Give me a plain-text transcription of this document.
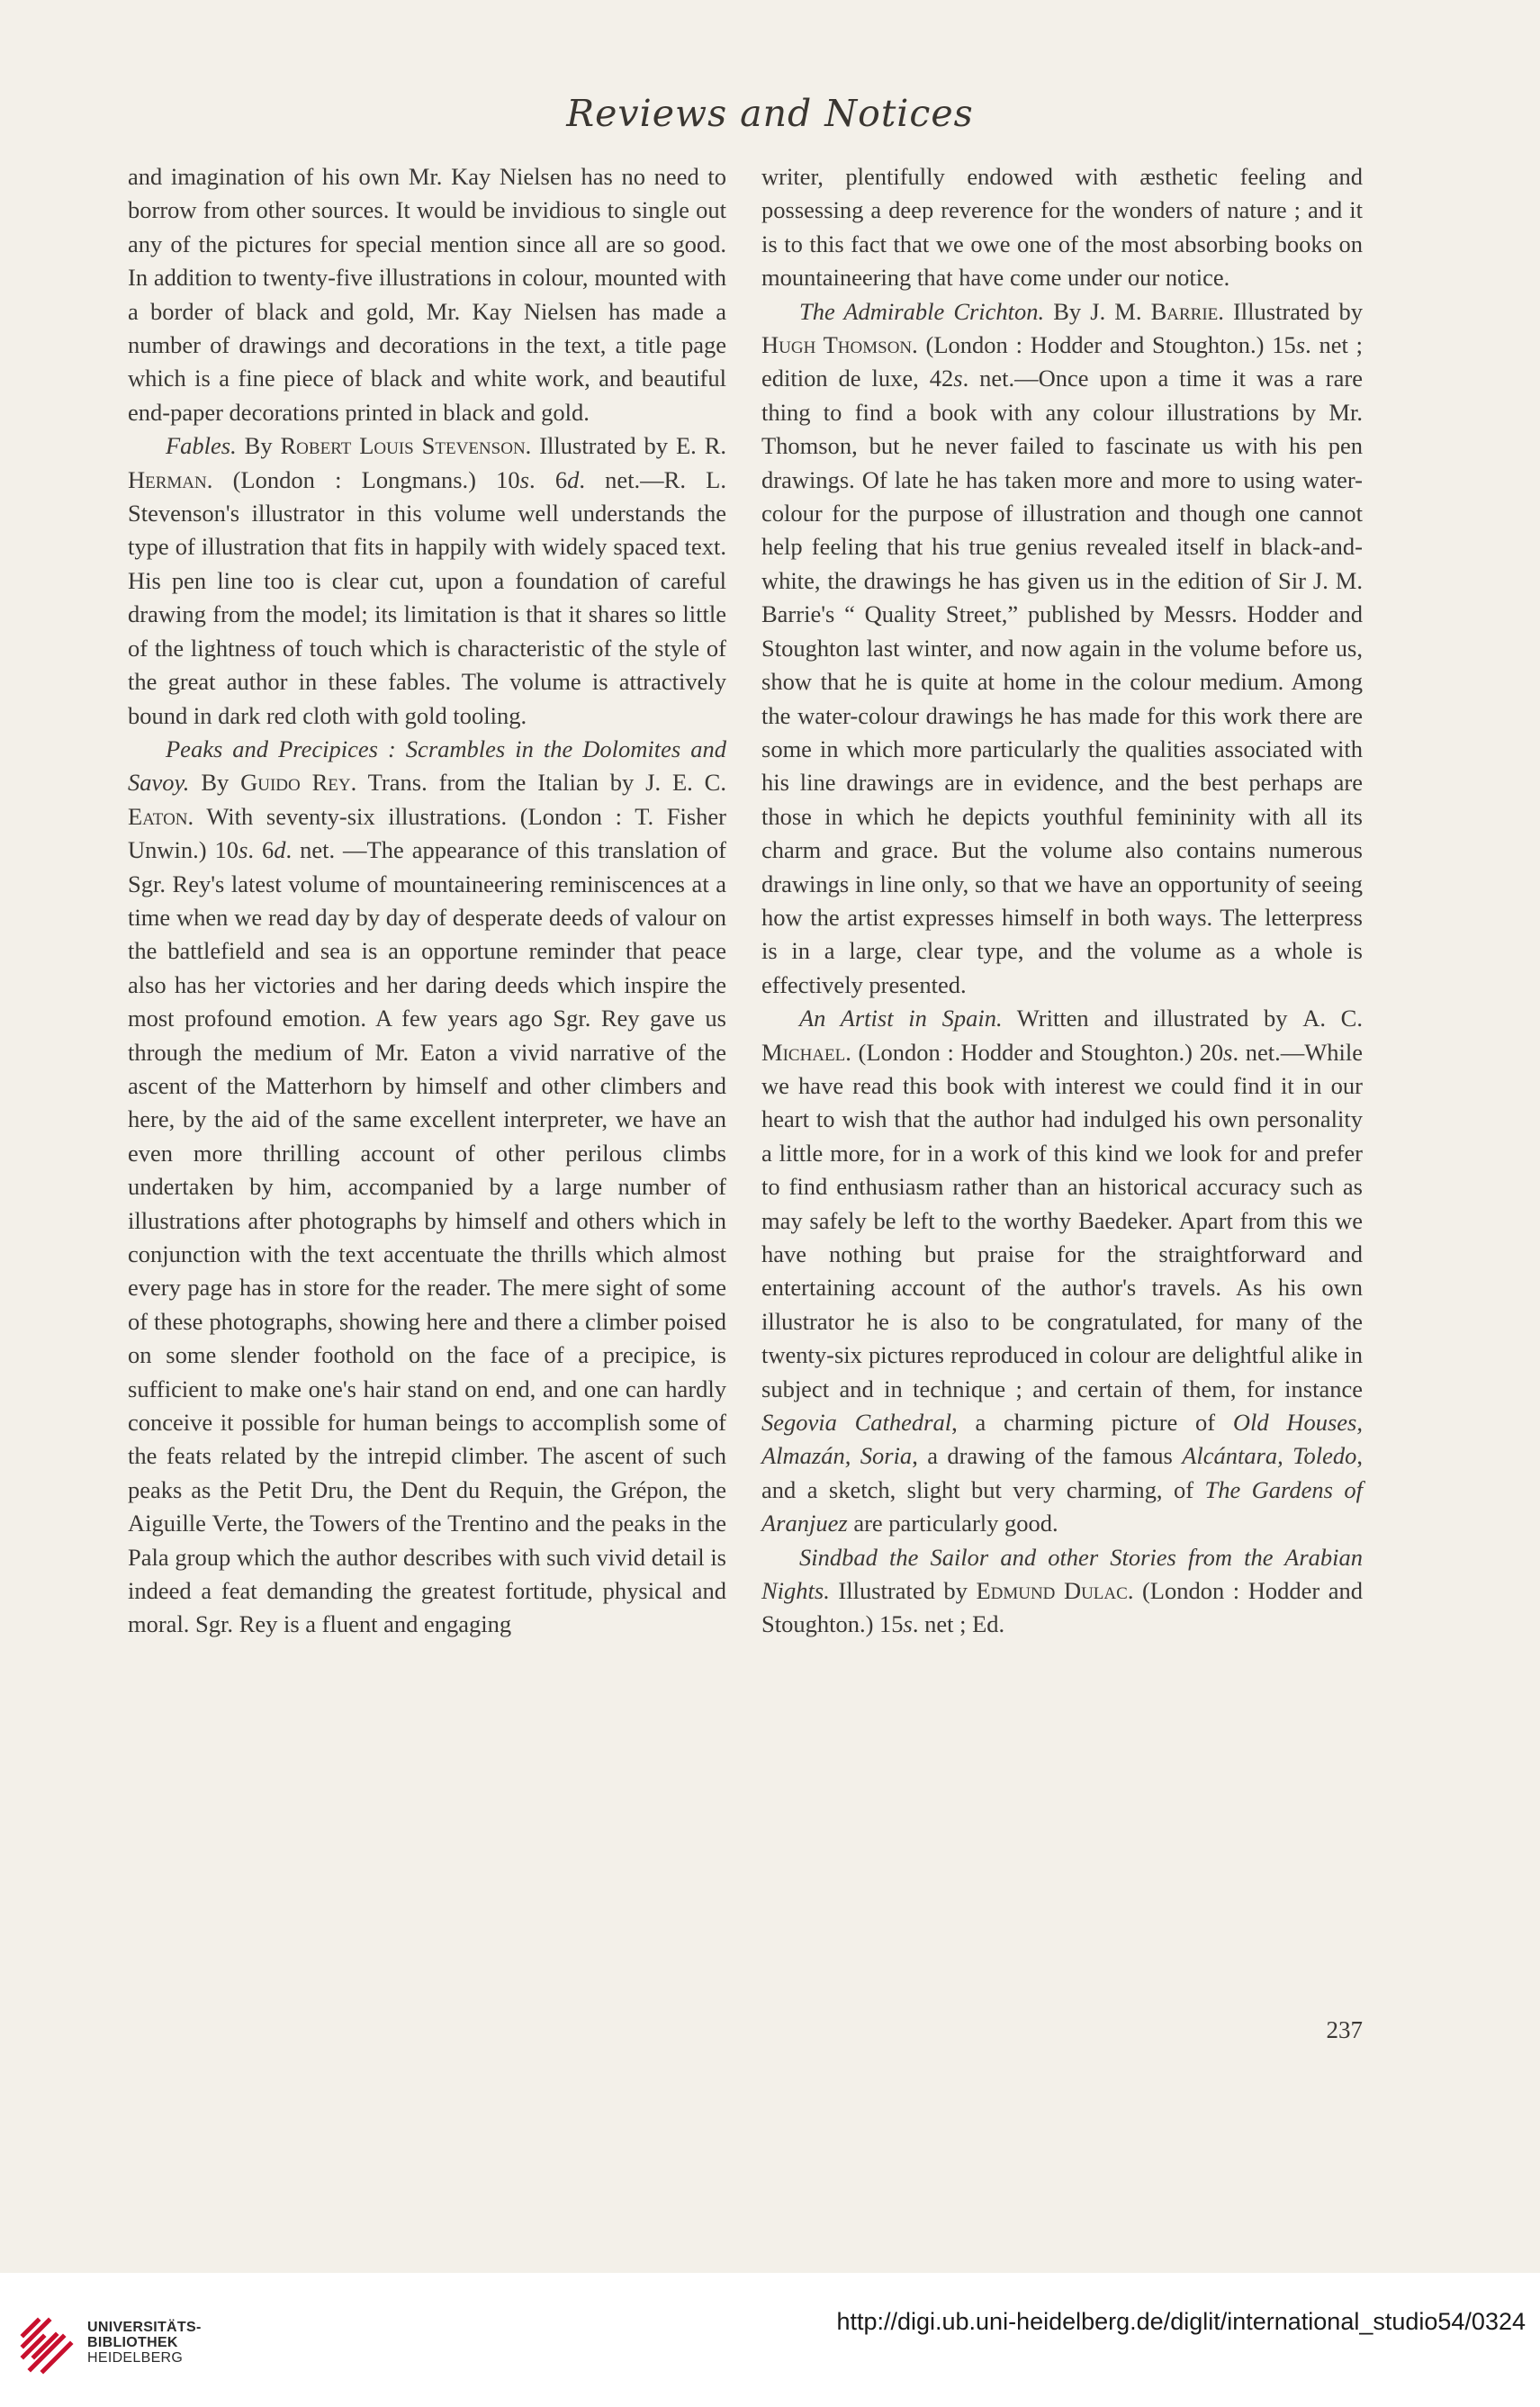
Reviews and Notices

and imagination of his own Mr. Kay Nielsen has no need to borrow from other sources. It would be invidious to single out any of the pictures for special mention since all are so good. In addition to twenty-five illustrations in colour, mounted with a border of black and gold, Mr. Kay Nielsen has made a number of drawings and decorations in the text, a title page which is a fine piece of black and white work, and beautiful end-paper decorations printed in black and gold.

Fables. By Robert Louis Stevenson. Illustrated by E. R. Herman. (London : Longmans.) 10s. 6d. net.—R. L. Stevenson's illustrator in this volume well understands the type of illustration that fits in happily with widely spaced text. His pen line too is clear cut, upon a foundation of careful drawing from the model; its limitation is that it shares so little of the lightness of touch which is characteristic of the style of the great author in these fables. The volume is attractively bound in dark red cloth with gold tooling.

Peaks and Precipices : Scrambles in the Dolomites and Savoy. By Guido Rey. Trans. from the Italian by J. E. C. Eaton. With seventy-six illustrations. (London : T. Fisher Unwin.) 10s. 6d. net. —The appearance of this translation of Sgr. Rey's latest volume of mountaineering reminiscences at a time when we read day by day of desperate deeds of valour on the battlefield and sea is an opportune reminder that peace also has her victories and her daring deeds which inspire the most profound emotion. A few years ago Sgr. Rey gave us through the medium of Mr. Eaton a vivid narrative of the ascent of the Matterhorn by himself and other climbers and here, by the aid of the same excellent interpreter, we have an even more thrilling account of other perilous climbs undertaken by him, accompanied by a large number of illustrations after photographs by himself and others which in conjunction with the text accentuate the thrills which almost every page has in store for the reader. The mere sight of some of these photographs, showing here and there a climber poised on some slender foothold on the face of a precipice, is sufficient to make one's hair stand on end, and one can hardly conceive it possible for human beings to accomplish some of the feats related by the intrepid climber. The ascent of such peaks as the Petit Dru, the Dent du Requin, the Grépon, the Aiguille Verte, the Towers of the Trentino and the peaks in the Pala group which the author describes with such vivid detail is indeed a feat demanding the greatest fortitude, physical and moral. Sgr. Rey is a fluent and engaging

writer, plentifully endowed with æsthetic feeling and possessing a deep reverence for the wonders of nature ; and it is to this fact that we owe one of the most absorbing books on mountaineering that have come under our notice.

The Admirable Crichton. By J. M. Barrie. Illustrated by Hugh Thomson. (London : Hodder and Stoughton.) 15s. net ; edition de luxe, 42s. net.—Once upon a time it was a rare thing to find a book with any colour illustrations by Mr. Thomson, but he never failed to fascinate us with his pen drawings. Of late he has taken more and more to using water-colour for the purpose of illustration and though one cannot help feeling that his true genius revealed itself in black-and-white, the drawings he has given us in the edition of Sir J. M. Barrie's “ Quality Street,” published by Messrs. Hodder and Stoughton last winter, and now again in the volume before us, show that he is quite at home in the colour medium. Among the water-colour drawings he has made for this work there are some in which more particularly the qualities associated with his line drawings are in evidence, and the best perhaps are those in which he depicts youthful femininity with all its charm and grace. But the volume also contains numerous drawings in line only, so that we have an opportunity of seeing how the artist expresses himself in both ways. The letterpress is in a large, clear type, and the volume as a whole is effectively presented.

An Artist in Spain. Written and illustrated by A. C. Michael. (London : Hodder and Stoughton.) 20s. net.—While we have read this book with interest we could find it in our heart to wish that the author had indulged his own personality a little more, for in a work of this kind we look for and prefer to find enthusiasm rather than an historical accuracy such as may safely be left to the worthy Baedeker. Apart from this we have nothing but praise for the straightforward and entertaining account of the author's travels. As his own illustrator he is also to be congratulated, for many of the twenty-six pictures reproduced in colour are delightful alike in subject and in technique ; and certain of them, for instance Segovia Cathedral, a charming picture of Old Houses, Almazán, Soria, a drawing of the famous Alcántara, Toledo, and a sketch, slight but very charming, of The Gardens of Aranjuez are particularly good.

Sindbad the Sailor and other Stories from the Arabian Nights. Illustrated by Edmund Dulac. (London : Hodder and Stoughton.) 15s. net ; Ed.

237
UNIVERSITÄTS-
BIBLIOTHEK
HEIDELBERG
http://digi.ub.uni-heidelberg.de/diglit/international_studio54/0324
